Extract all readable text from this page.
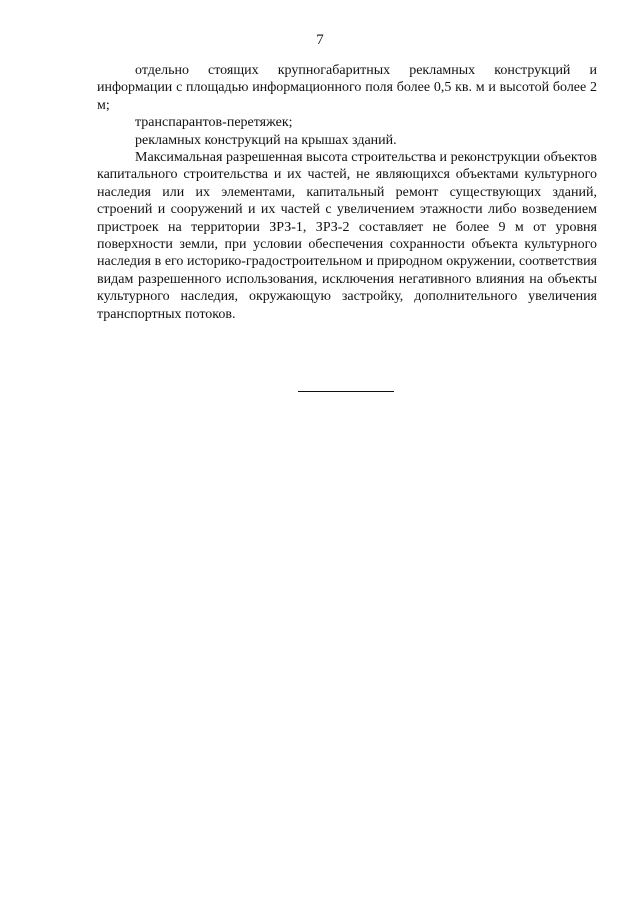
7

отдельно стоящих крупногабаритных рекламных конструкций и информации с площадью информационного поля более 0,5 кв. м и высотой более 2 м;

транспарантов-перетяжек;

рекламных конструкций на крышах зданий.

Максимальная разрешенная высота строительства и реконструкции объектов капитального строительства и их частей, не являющихся объектами культурного наследия или их элементами, капитальный ремонт существующих зданий, строений и сооружений и их частей с увеличением этажности либо возведением пристроек на территории ЗРЗ-1, ЗРЗ-2 составляет не более 9 м от уровня поверхности земли, при условии обеспечения сохранности объекта культурного наследия в его историко-градостроительном и природном окружении, соответствия видам разрешенного использования, исключения негативного влияния на объекты культурного наследия, окружающую застройку, дополнительного увеличения транспортных потоков.
